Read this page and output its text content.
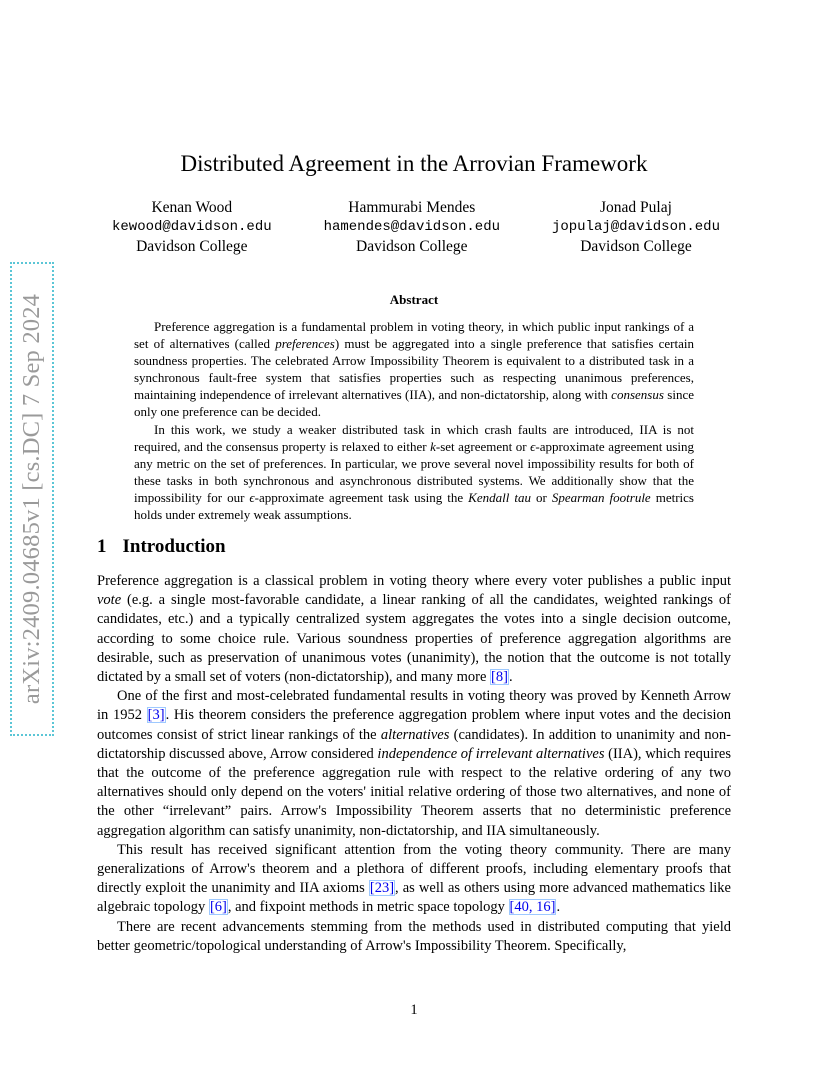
arXiv:2409.04685v1 [cs.DC] 7 Sep 2024
Distributed Agreement in the Arrovian Framework
Kenan Wood
kewood@davidson.edu
Davidson College
Hammurabi Mendes
hamendes@davidson.edu
Davidson College
Jonad Pulaj
jopulaj@davidson.edu
Davidson College
Abstract

Preference aggregation is a fundamental problem in voting theory, in which public input rankings of a set of alternatives (called preferences) must be aggregated into a single preference that satisfies certain soundness properties. The celebrated Arrow Impossibility Theorem is equivalent to a distributed task in a synchronous fault-free system that satisfies properties such as respecting unanimous preferences, maintaining independence of irrelevant alternatives (IIA), and non-dictatorship, along with consensus since only one preference can be decided.

In this work, we study a weaker distributed task in which crash faults are introduced, IIA is not required, and the consensus property is relaxed to either k-set agreement or ϵ-approximate agreement using any metric on the set of preferences. In particular, we prove several novel impossibility results for both of these tasks in both synchronous and asynchronous distributed systems. We additionally show that the impossibility for our ϵ-approximate agreement task using the Kendall tau or Spearman footrule metrics holds under extremely weak assumptions.

1 Introduction

Preference aggregation is a classical problem in voting theory where every voter publishes a public input vote (e.g. a single most-favorable candidate, a linear ranking of all the candidates, weighted rankings of candidates, etc.) and a typically centralized system aggregates the votes into a single decision outcome, according to some choice rule. Various soundness properties of preference aggregation algorithms are desirable, such as preservation of unanimous votes (unanimity), the notion that the outcome is not totally dictated by a small set of voters (non-dictatorship), and many more [8].

One of the first and most-celebrated fundamental results in voting theory was proved by Kenneth Arrow in 1952 [3]. His theorem considers the preference aggregation problem where input votes and the decision outcomes consist of strict linear rankings of the alternatives (candidates). In addition to unanimity and non-dictatorship discussed above, Arrow considered independence of irrelevant alternatives (IIA), which requires that the outcome of the preference aggregation rule with respect to the relative ordering of any two alternatives should only depend on the voters' initial relative ordering of those two alternatives, and none of the other “irrelevant” pairs. Arrow's Impossibility Theorem asserts that no deterministic preference aggregation algorithm can satisfy unanimity, non-dictatorship, and IIA simultaneously.

This result has received significant attention from the voting theory community. There are many generalizations of Arrow's theorem and a plethora of different proofs, including elementary proofs that directly exploit the unanimity and IIA axioms [23], as well as others using more advanced mathematics like algebraic topology [6], and fixpoint methods in metric space topology [40, 16].

There are recent advancements stemming from the methods used in distributed computing that yield better geometric/topological understanding of Arrow's Impossibility Theorem. Specifically,

1
